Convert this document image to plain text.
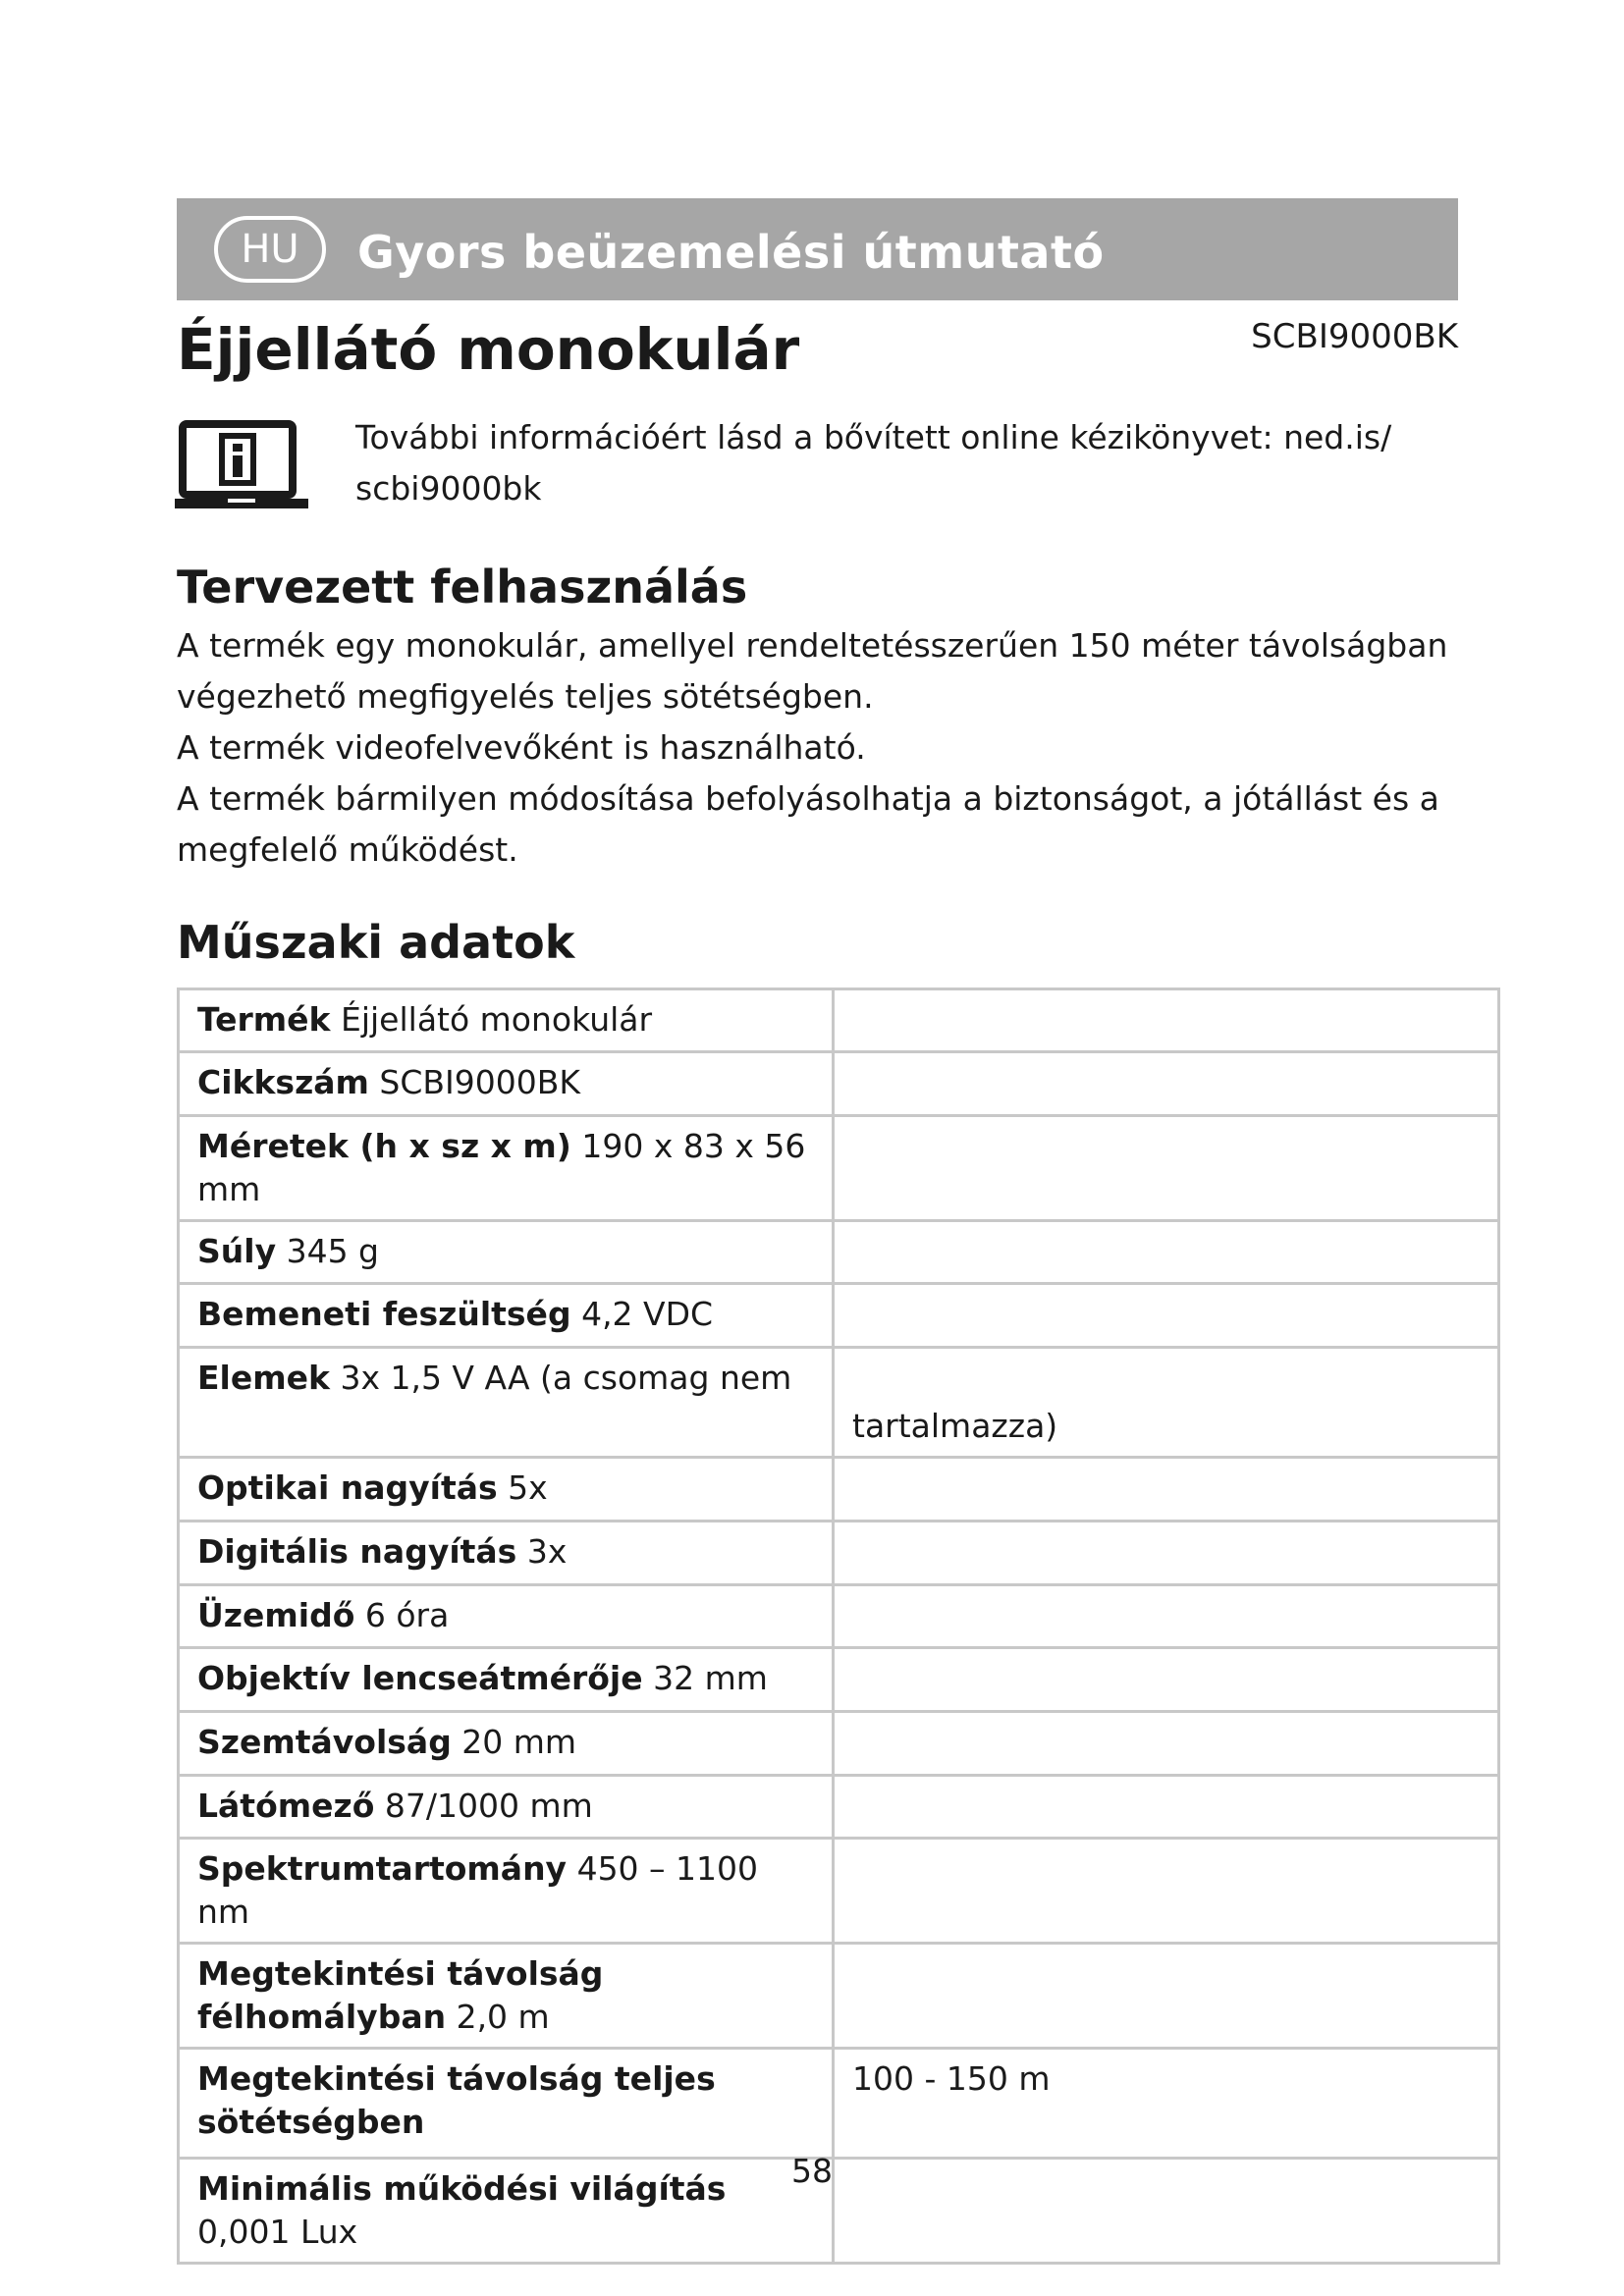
HU	Gyors beüzemelési útmutató
Éjjellátó monokulár	SCBI9000BK
További információért lásd a bővített online kézikönyvet: ned.is/ scbi9000bk
Tervezett felhasználás

A termék egy monokulár, amellyel rendeltetésszerűen 150 méter távolságban végezhető megfigyelés teljes sötétségben.

A termék videofelvevőként is használható.

A termék bármilyen módosítása befolyásolhatja a biztonságot, a jótállást és a megfelelő működést.

Műszaki adatok
Termék Éjjellátó monokulár	
Cikkszám SCBI9000BK	
Méretek (h x sz x m) 190 x 83 x 56 mm	
Súly 345 g	
Bemeneti feszültség 4,2 VDC	
Elemek 3x 1,5 V AA (a csomag nem	tartalmazza)
Optikai nagyítás 5x	
Digitális nagyítás 3x	
Üzemidő 6 óra	
Objektív lencseátmérője 32 mm	
Szemtávolság 20 mm	
Látómező 87/1000 mm	
Spektrumtartomány 450 – 1100 nm	
Megtekintési távolság félhomályban 2,0 m	
Megtekintési távolság teljes sötétségben	100 - 150 m
Minimális működési világítás 0,001 Lux	
58
